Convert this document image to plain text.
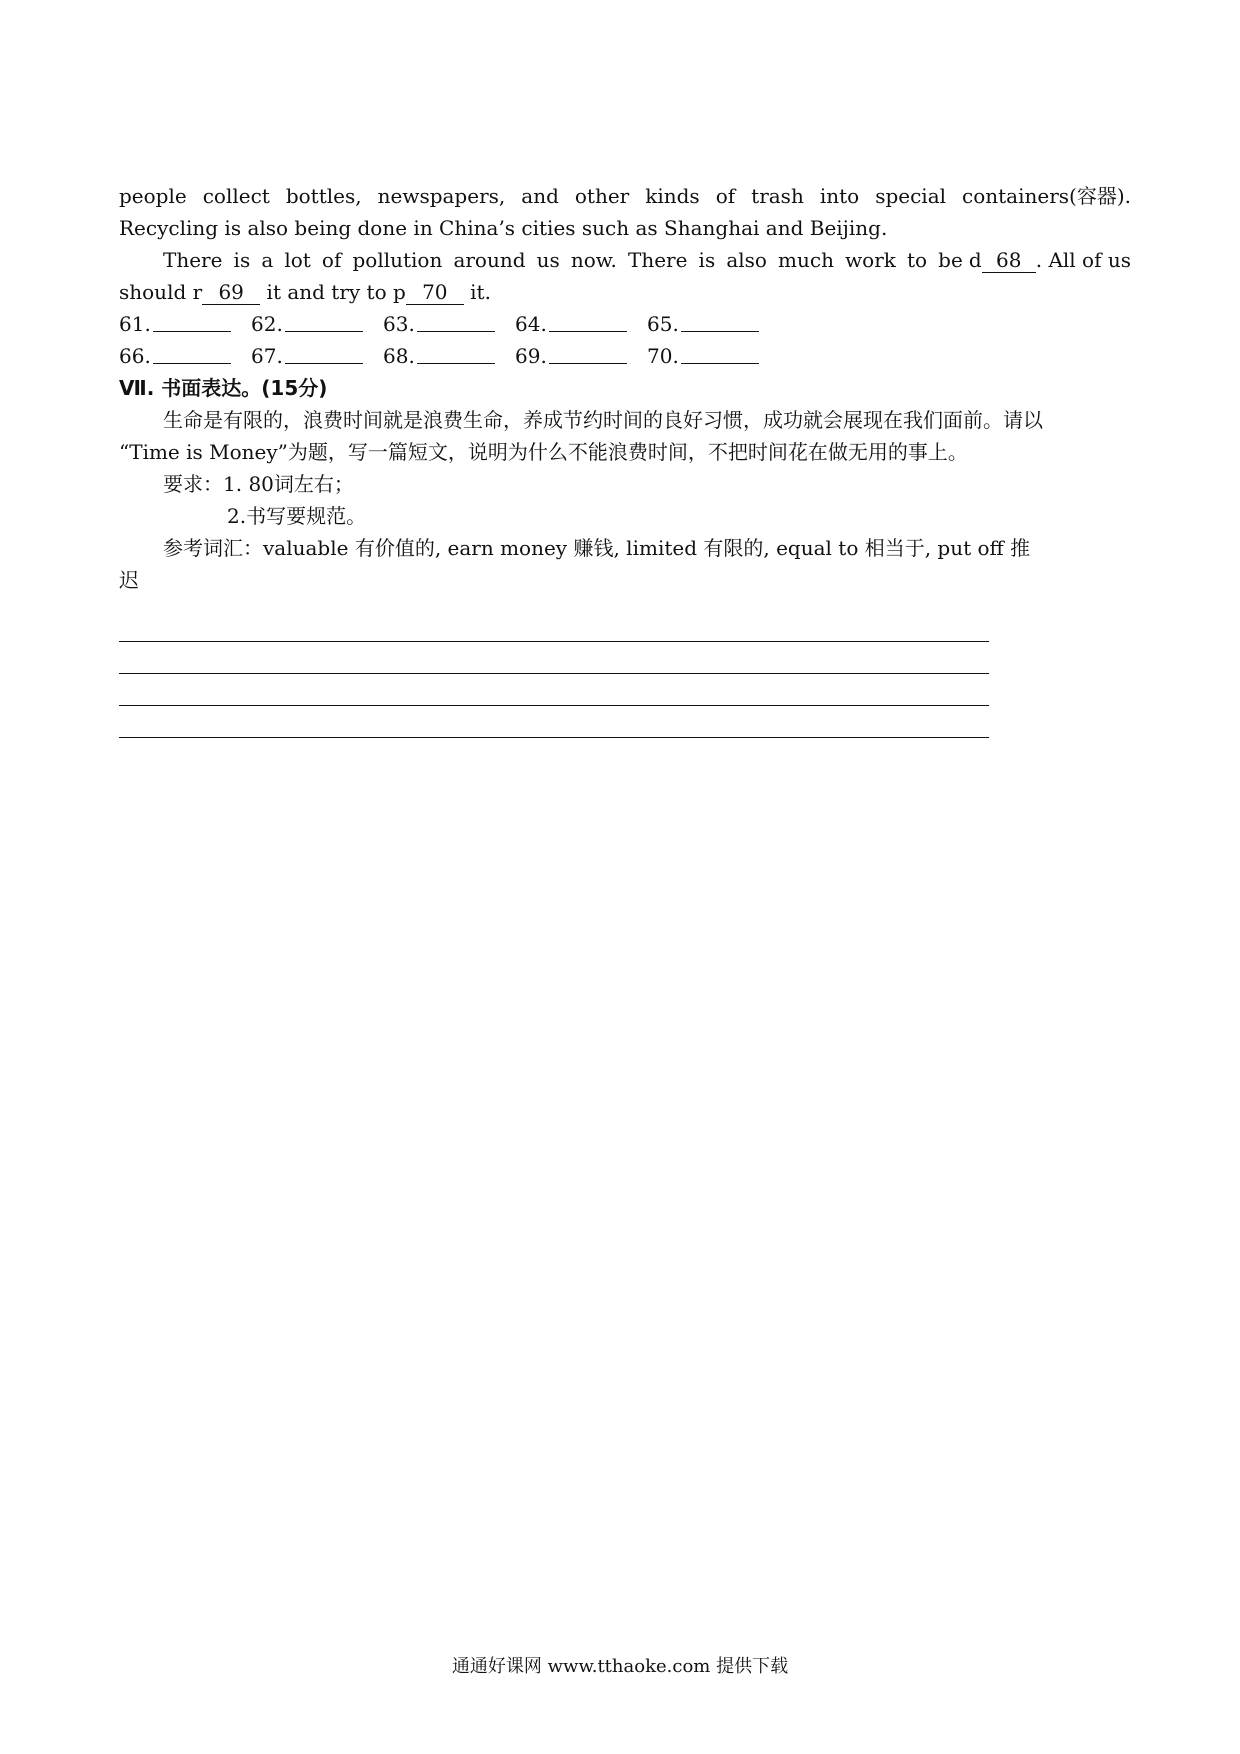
people collect bottles, newspapers, and other kinds of trash into special containers(容器).
Recycling is also being done in China’s cities such as Shanghai and Beijing.
There is a lot of pollution around us now. There is also much work to be d 68 . All of us
should r 69 it and try to p 70 it.
61.	62.	63.	64.	65.
66.	67.	68.	69.	70.
Ⅶ. 书面表达。(15分)
生命是有限的，浪费时间就是浪费生命，养成节约时间的良好习惯，成功就会展现在我们面前。请以
“Time is Money”为题，写一篇短文，说明为什么不能浪费时间，不把时间花在做无用的事上。
要求：1. 80词左右；
2.书写要规范。
参考词汇：valuable 有价值的, earn money 赚钱, limited 有限的, equal to 相当于, put off 推
迟
通通好课网 www.tthaoke.com 提供下载
